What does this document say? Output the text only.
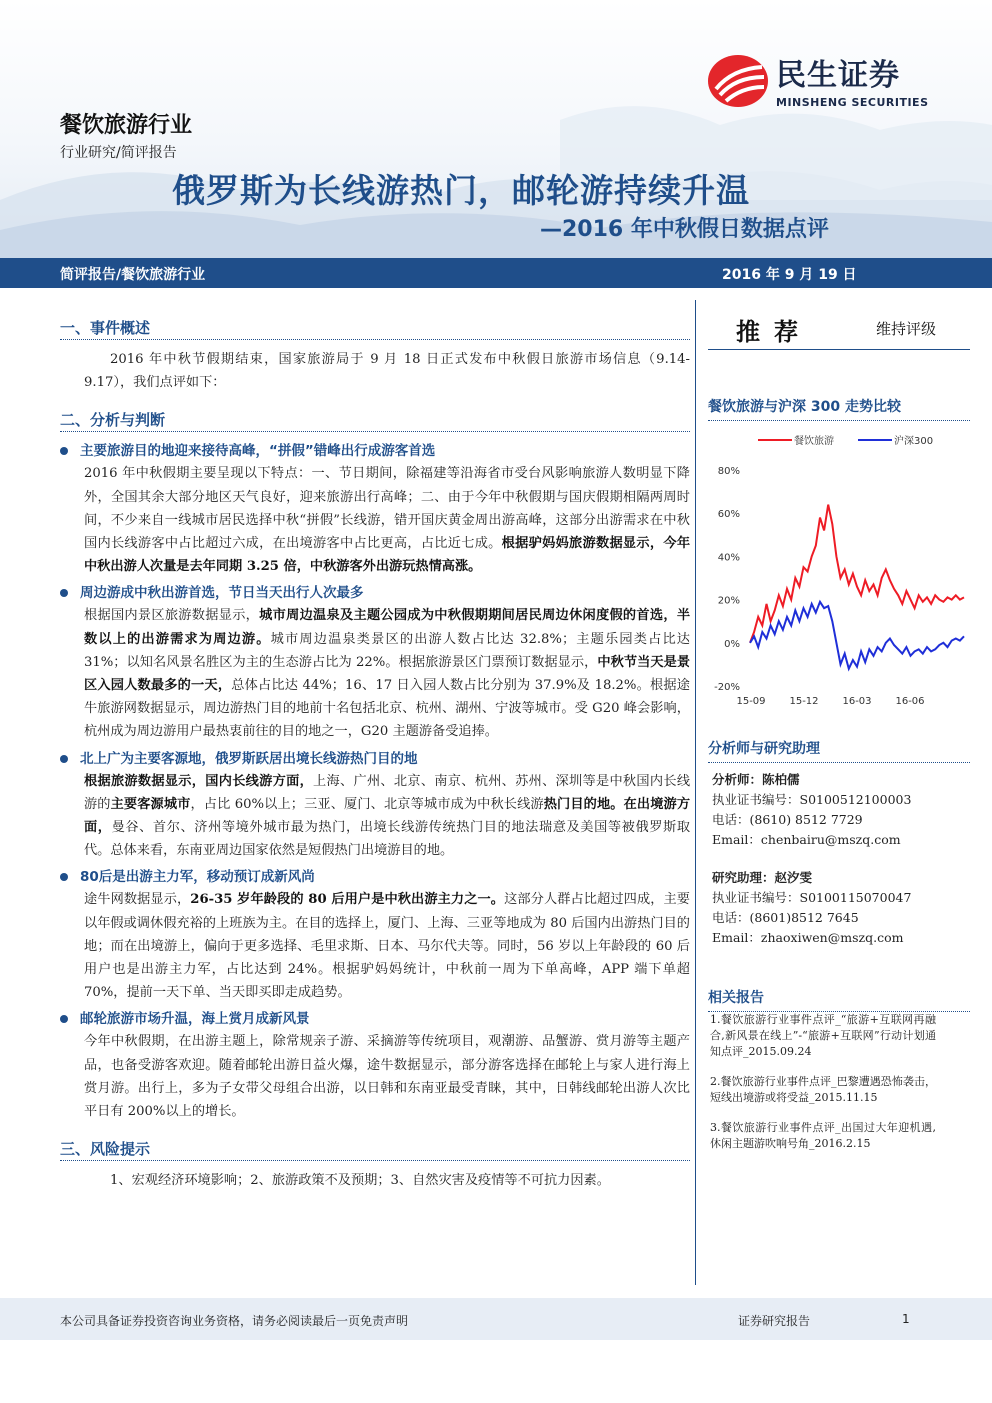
民生证券
MINSHENG SECURITIES
餐饮旅游行业
行业研究/简评报告
俄罗斯为长线游热门，邮轮游持续升温
—2016 年中秋假日数据点评
简评报告/餐饮旅游行业	2016 年 9 月 19 日
一、事件概述
2016 年中秋节假期结束，国家旅游局于 9 月 18 日正式发布中秋假日旅游市场信息（9.14-9.17），我们点评如下：
二、分析与判断
主要旅游目的地迎来接待高峰，“拼假”错峰出行成游客首选
2016 年中秋假期主要呈现以下特点：一、节日期间，除福建等沿海省市受台风影响旅游人数明显下降外，全国其余大部分地区天气良好，迎来旅游出行高峰；二、由于今年中秋假期与国庆假期相隔两周时间，不少来自一线城市居民选择中秋“拼假”长线游，错开国庆黄金周出游高峰，这部分出游需求在中秋国内长线游客中占比超过六成，在出境游客中占比更高，占比近七成。根据驴妈妈旅游数据显示，今年中秋出游人次量是去年同期 3.25 倍，中秋游客外出游玩热情高涨。
周边游成中秋出游首选，节日当天出行人次最多
根据国内景区旅游数据显示，城市周边温泉及主题公园成为中秋假期期间居民周边休闲度假的首选，半数以上的出游需求为周边游。城市周边温泉类景区的出游人数占比达 32.8%；主题乐园类占比达 31%；以知名风景名胜区为主的生态游占比为 22%。根据旅游景区门票预订数据显示，中秋节当天是景区入园人数最多的一天，总体占比达 44%；16、17 日入园人数占比分别为 37.9%及 18.2%。根据途牛旅游网数据显示，周边游热门目的地前十名包括北京、杭州、湖州、宁波等城市。受 G20 峰会影响，杭州成为周边游用户最热衷前往的目的地之一，G20 主题游备受追捧。
北上广为主要客源地，俄罗斯跃居出境长线游热门目的地
根据旅游数据显示，国内长线游方面，上海、广州、北京、南京、杭州、苏州、深圳等是中秋国内长线游的主要客源城市，占比 60%以上；三亚、厦门、北京等城市成为中秋长线游热门目的地。在出境游方面，曼谷、首尔、济州等境外城市最为热门，出境长线游传统热门目的地法瑞意及美国等被俄罗斯取代。总体来看，东南亚周边国家依然是短假热门出境游目的地。
80后是出游主力军，移动预订成新风尚
途牛网数据显示，26-35 岁年龄段的 80 后用户是中秋出游主力之一。这部分人群占比超过四成，主要以年假或调休假充裕的上班族为主。在目的选择上，厦门、上海、三亚等地成为 80 后国内出游热门目的地；而在出境游上，偏向于更多选择、毛里求斯、日本、马尔代夫等。同时，56 岁以上年龄段的 60 后用户也是出游主力军，占比达到 24%。根据驴妈妈统计，中秋前一周为下单高峰，APP 端下单超 70%，提前一天下单、当天即买即走成趋势。
邮轮旅游市场升温，海上赏月成新风景
今年中秋假期，在出游主题上，除常规亲子游、采摘游等传统项目，观潮游、品蟹游、赏月游等主题产品，也备受游客欢迎。随着邮轮出游日益火爆，途牛数据显示，部分游客选择在邮轮上与家人进行海上赏月游。出行上，多为子女带父母组合出游，以日韩和东南亚最受青睐，其中，日韩线邮轮出游人次比平日有 200%以上的增长。
三、风险提示
1、宏观经济环境影响；2、旅游政策不及预期；3、自然灾害及疫情等不可抗力因素。
推荐	维持评级
餐饮旅游与沪深 300 走势比较
餐饮旅游	沪深300
80%
60%
40%
20%
0%
-20%
15-09 15-12 16-03 16-06
分析师与研究助理
分析师：陈柏儒
执业证书编号：S0100512100003
电话：(8610) 8512 7729
Email：chenbairu@mszq.com
研究助理：赵汐雯
执业证书编号：S0100115070047
电话：(8601)8512 7645
Email：zhaoxiwen@mszq.com
相关报告
1.餐饮旅游行业事件点评_“旅游+互联网再融合,新风景在线上”-“旅游+互联网”行动计划通知点评_2015.09.24
2.餐饮旅游行业事件点评_巴黎遭遇恐怖袭击，短线出境游或将受益_2015.11.15
3.餐饮旅游行业事件点评_出国过大年迎机遇,休闲主题游吹响号角_2016.2.15
本公司具备证券投资咨询业务资格，请务必阅读最后一页免责声明	证券研究报告	1
